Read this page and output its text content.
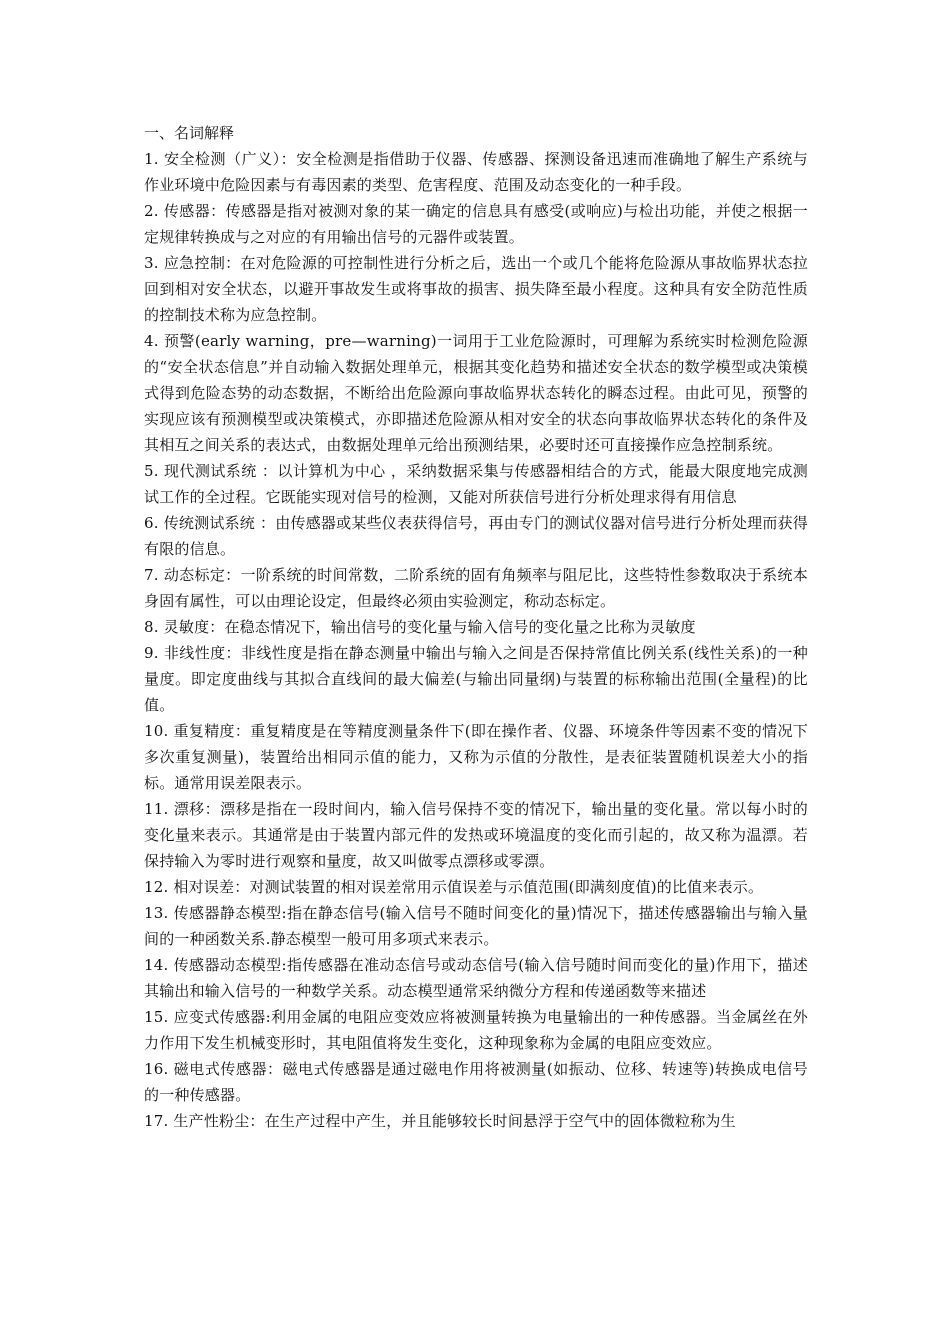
一、名词解释

1. 安全检测（广义）：安全检测是指借助于仪器、传感器、探测设备迅速而准确地了解生产系统与作业环境中危险因素与有毒因素的类型、危害程度、范围及动态变化的一种手段。

2. 传感器：传感器是指对被测对象的某一确定的信息具有感受(或响应)与检出功能，并使之根据一定规律转换成与之对应的有用输出信号的元器件或装置。

3. 应急控制：在对危险源的可控制性进行分析之后，选出一个或几个能将危险源从事故临界状态拉回到相对安全状态，以避开事故发生或将事故的损害、损失降至最小程度。这种具有安全防范性质的控制技术称为应急控制。

4. 预警(early warning，pre—warning)一词用于工业危险源时，可理解为系统实时检测危险源的“安全状态信息”并自动输入数据处理单元，根据其变化趋势和描述安全状态的数学模型或决策模式得到危险态势的动态数据，不断给出危险源向事故临界状态转化的瞬态过程。由此可见，预警的实现应该有预测模型或决策模式，亦即描述危险源从相对安全的状态向事故临界状态转化的条件及其相互之间关系的表达式，由数据处理单元给出预测结果，必要时还可直接操作应急控制系统。

5. 现代测试系统 ：以计算机为中心 ，采纳数据采集与传感器相结合的方式，能最大限度地完成测试工作的全过程。它既能实现对信号的检测，又能对所获信号进行分析处理求得有用信息

6. 传统测试系统 ：由传感器或某些仪表获得信号，再由专门的测试仪器对信号进行分析处理而获得有限的信息。

7. 动态标定：一阶系统的时间常数，二阶系统的固有角频率与阻尼比，这些特性参数取决于系统本身固有属性，可以由理论设定，但最终必须由实验测定，称动态标定。

8. 灵敏度：在稳态情况下，输出信号的变化量与输入信号的变化量之比称为灵敏度

9. 非线性度：非线性度是指在静态测量中输出与输入之间是否保持常值比例关系(线性关系)的一种量度。即定度曲线与其拟合直线间的最大偏差(与输出同量纲)与装置的标称输出范围(全量程)的比值。

10. 重复精度：重复精度是在等精度测量条件下(即在操作者、仪器、环境条件等因素不变的情况下多次重复测量)，装置给出相同示值的能力，又称为示值的分散性，是表征装置随机误差大小的指标。通常用误差限表示。

11. 漂移：漂移是指在一段时间内，输入信号保持不变的情况下，输出量的变化量。常以每小时的变化量来表示。其通常是由于装置内部元件的发热或环境温度的变化而引起的，故又称为温漂。若保持输入为零时进行观察和量度，故又叫做零点漂移或零漂。

12. 相对误差：对测试装置的相对误差常用示值误差与示值范围(即满刻度值)的比值来表示。

13. 传感器静态模型:指在静态信号(输入信号不随时间变化的量)情况下，描述传感器输出与输入量间的一种函数关系.静态模型一般可用多项式来表示。

14. 传感器动态模型:指传感器在准动态信号或动态信号(输入信号随时间而变化的量)作用下，描述其输出和输入信号的一种数学关系。动态模型通常采纳微分方程和传递函数等来描述

15. 应变式传感器:利用金属的电阻应变效应将被测量转换为电量输出的一种传感器。当金属丝在外力作用下发生机械变形时，其电阻值将发生变化，这种现象称为金属的电阻应变效应。

16. 磁电式传感器：磁电式传感器是通过磁电作用将被测量(如振动、位移、转速等)转换成电信号的一种传感器。

17. 生产性粉尘：在生产过程中产生，并且能够较长时间悬浮于空气中的固体微粒称为生
